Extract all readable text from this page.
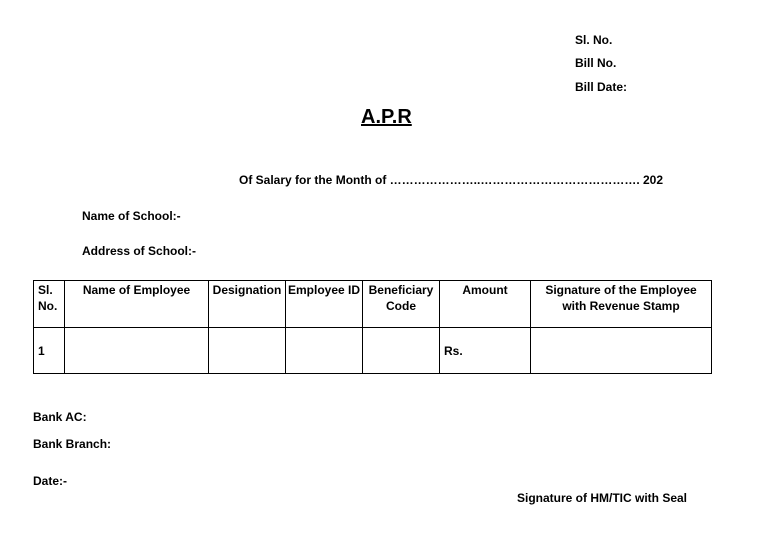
Sl. No.
Bill No.
Bill Date:
A.P.R
Of Salary for the Month of …………………..…………………………………. 202
Name of School:-
Address of School:-
Sl. No.	Name of Employee	Designation	Employee ID	Beneficiary Code	Amount	Signature of the Employee with Revenue Stamp
1					Rs.	
Bank AC:
Bank Branch:
Date:-
Signature of HM/TIC with Seal
